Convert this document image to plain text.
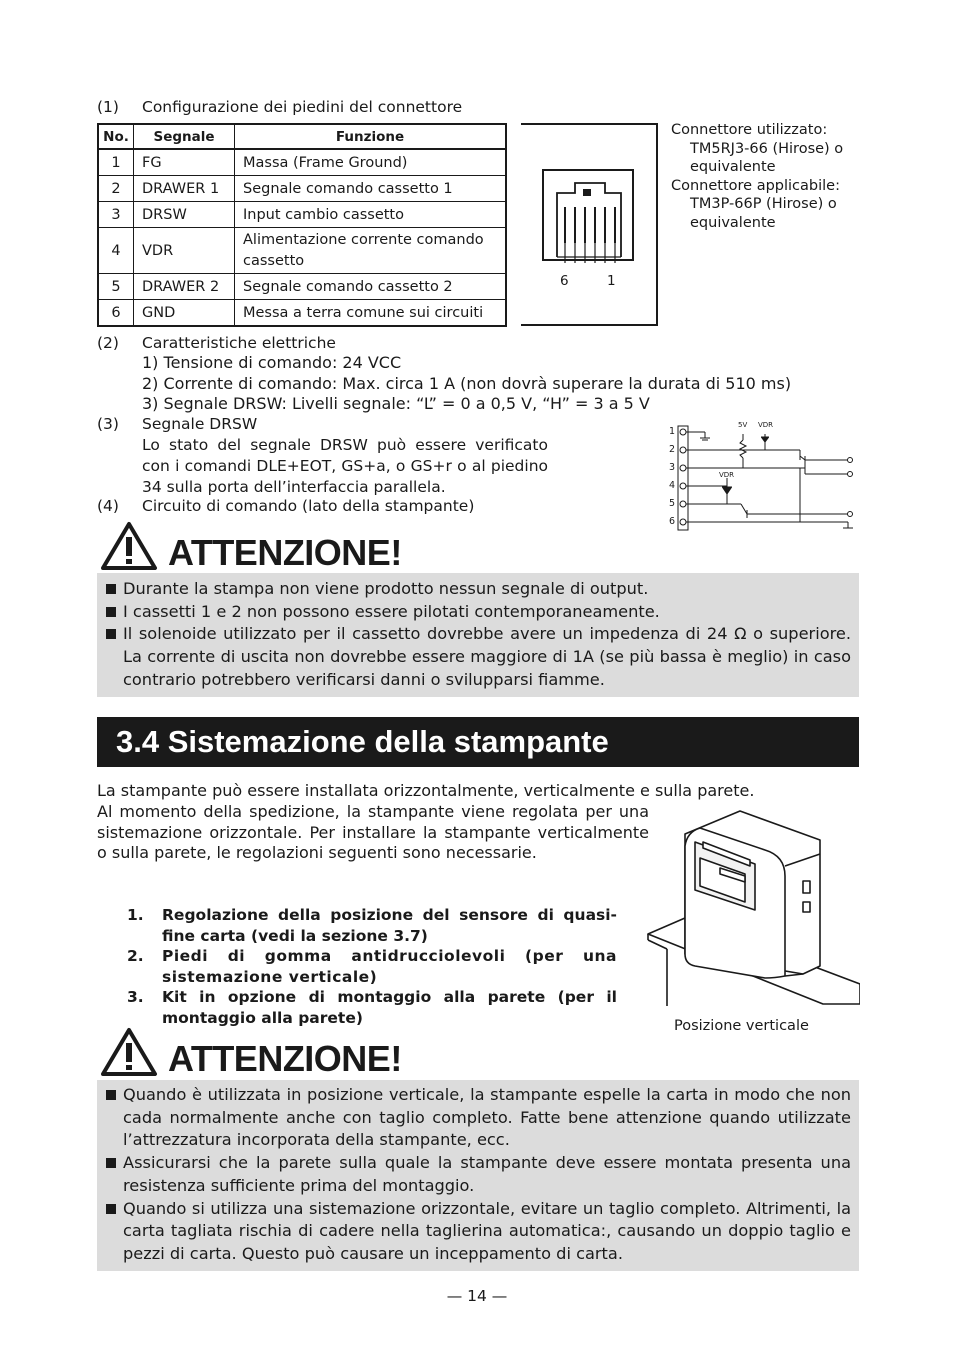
(1) Configurazione dei piedini del connettore
No.	Segnale	Funzione
1	FG	Massa (Frame Ground)
2	DRAWER 1	Segnale comando cassetto 1
3	DRSW	Input cambio cassetto
4	VDR	Alimentazione corrente comando cassetto
5	DRAWER 2	Segnale comando cassetto 2
6	GND	Messa a terra comune sui circuiti
6	1
Connettore utilizzato:
TM5RJ3-66 (Hirose) o equivalente
Connettore applicabile:
TM3P-66P (Hirose) o equivalente
(2) Caratteristiche elettriche
1) Tensione di comando: 24 VCC
2) Corrente di comando: Max. circa 1 A (non dovrà superare la durata di 510 ms)
3) Segnale DRSW: Livelli segnale: “L” = 0 a 0,5 V, “H” = 3 a 5 V
(3) Segnale DRSW
Lo stato del segnale DRSW può essere verificato con i comandi DLE+EOT, GS+a, o GS+r o al piedino 34 sulla porta dell’interfaccia parallela.
(4) Circuito di comando (lato della stampante)
1
2
3
4
5
6
5V VDR
VDR
ATTENZIONE!
Durante la stampa non viene prodotto nessun segnale di output.
I cassetti 1 e 2 non possono essere pilotati contemporaneamente.
Il solenoide utilizzato per il cassetto dovrebbe avere un impedenza di 24 Ω o superiore. La corrente di uscita non dovrebbe essere maggiore di 1A (se più bassa è meglio) in caso contrario potrebbero verificarsi danni o svilupparsi fiamme.
3.4 Sistemazione della stampante
La stampante può essere installata orizzontalmente, verticalmente e sulla parete.
Al momento della spedizione, la stampante viene regolata per una sistemazione orizzontale. Per installare la stampante verticalmente o sulla parete, le regolazioni seguenti sono necessarie.
1.	Regolazione della posizione del sensore di quasi-fine carta (vedi la sezione 3.7)
2.	Piedi di gomma antidrucciolevoli (per una sistemazione verticale)
3.	Kit in opzione di montaggio alla parete (per il montaggio alla parete)	Posizione verticale
ATTENZIONE!
Quando è utilizzata in posizione verticale, la stampante espelle la carta in modo che non cada normalmente anche con taglio completo. Fatte bene attenzione quando utilizzate l’attrezzatura incorporata della stampante, ecc.
Assicurarsi che la parete sulla quale la stampante deve essere montata presenta una resistenza sufficiente prima del montaggio.
Quando si utilizza una sistemazione orizzontale, evitare un taglio completo. Altrimenti, la carta tagliata rischia di cadere nella taglierina automatica:, causando un doppio taglio e pezzi di carta. Questo può causare un inceppamento di carta.
— 14 —
